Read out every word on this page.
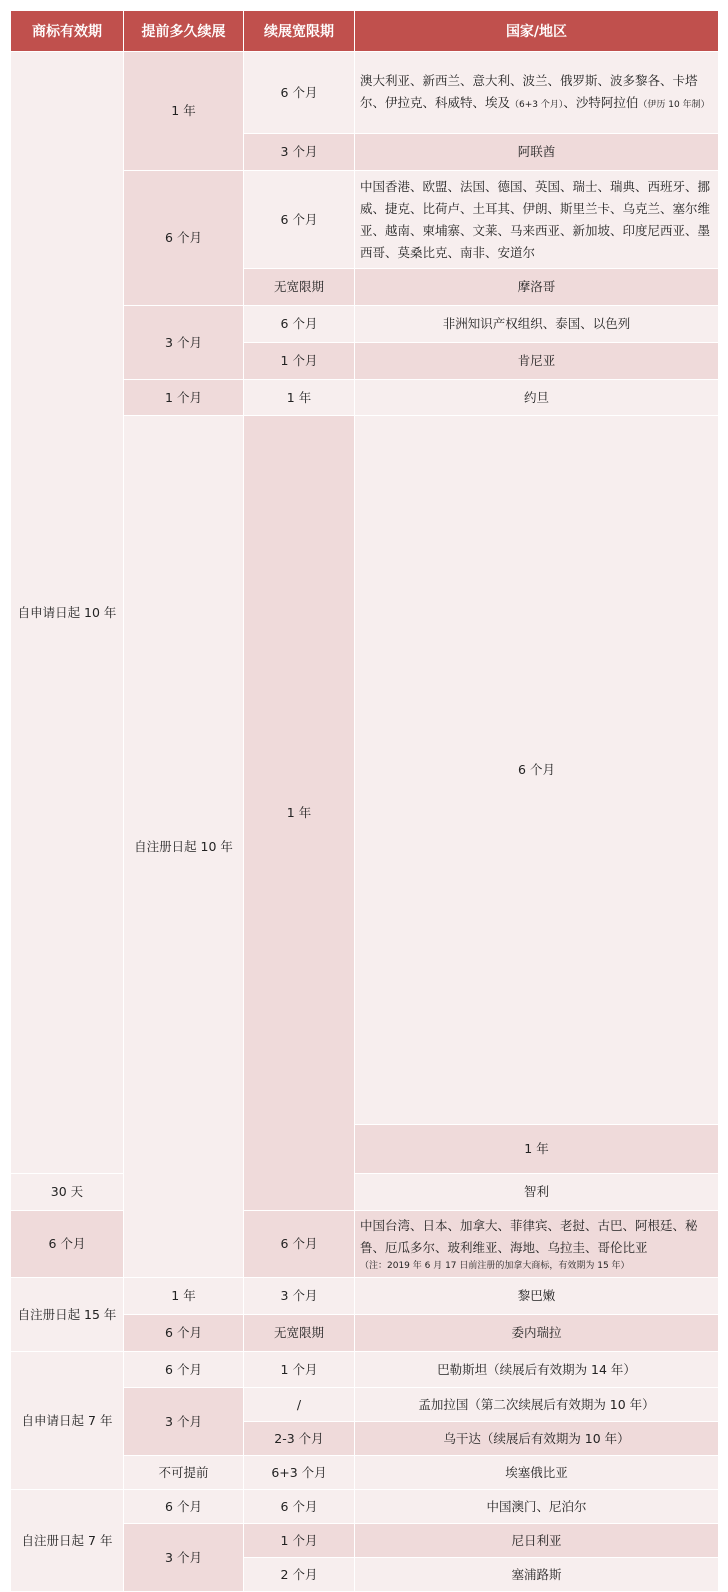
商标有效期	提前多久续展	续展宽限期	国家/地区	
自申请日起 10 年	1 年	6 个月	澳大利亚、新西兰、意大利、波兰、俄罗斯、波多黎各、卡塔尔、伊拉克、科威特、埃及（6+3 个月）、沙特阿拉伯（伊历 10 年制）	
		3 个月	阿联酋	
	6 个月	6 个月	中国香港、欧盟、法国、德国、英国、瑞士、瑞典、西班牙、挪威、捷克、比荷卢、土耳其、伊朗、斯里兰卡、乌克兰、塞尔维亚、越南、柬埔寨、文莱、马来西亚、新加坡、印度尼西亚、墨西哥、莫桑比克、南非、安道尔	
		无宽限期	摩洛哥	
	3 个月	6 个月	非洲知识产权组织、泰国、以色列	
		1 个月	肯尼亚	
	1 个月	1 年	约旦	
	自注册日起 10 年	1 年	6 个月	
			1 年	
30 天			智利	
6 个月		6 个月	中国台湾、日本、加拿大、菲律宾、老挝、古巴、阿根廷、秘鲁、厄瓜多尔、玻利维亚、海地、乌拉圭、哥伦比亚
（注：2019 年 6 月 17 日前注册的加拿大商标，有效期为 15 年）	

自注册日起 15 年	1 年	3 个月	黎巴嫩	
	6 个月	无宽限期	委内瑞拉	
自申请日起 7 年	6 个月	1 个月	巴勒斯坦（续展后有效期为 14 年）	
	3 个月	/	孟加拉国（第二次续展后有效期为 10 年）	
		2-3 个月	乌干达（续展后有效期为 10 年）	
	不可提前	6+3 个月	埃塞俄比亚	
自注册日起 7 年	6 个月	6 个月	中国澳门、尼泊尔	
	3 个月	1 个月	尼日利亚	
		2 个月	塞浦路斯	
